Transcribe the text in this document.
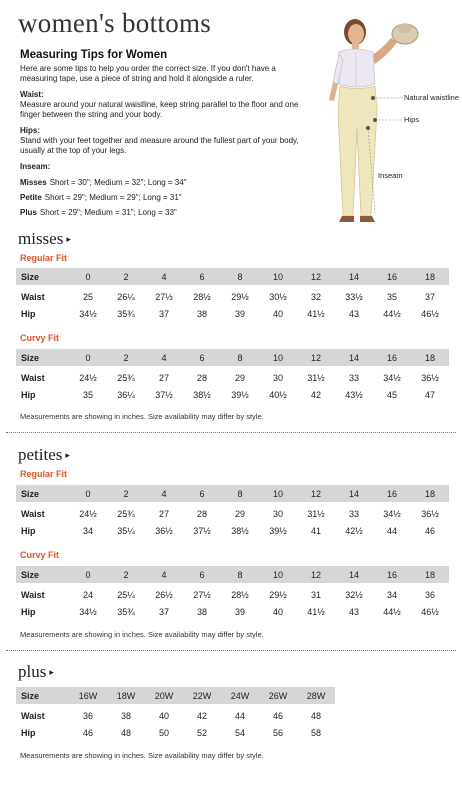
women's bottoms
Measuring Tips for Women
Here are some tips to help you order the correct size. If you don't have a measuring tape, use a piece of string and hold it alongside a ruler.
Waist:
Measure around your natural waistline, keep string parallel to the floor and one finger between the string and your body.
Hips:
Stand with your feet together and measure around the fullest part of your body, usually at the top of your legs.
Inseam:
Misses Short = 30"; Medium = 32"; Long = 34"
Petite Short = 29"; Medium = 29"; Long = 31"
Plus Short = 29"; Medium = 31"; Long = 33"
Natural waistline
Hips
Inseam
misses ▸
Regular Fit
Size	0	2	4	6	8	10	12	14	16	18
Waist	25	26¼	27½	28½	29½	30½	32	33½	35	37
Hip	34½	35¾	37	38	39	40	41½	43	44½	46½
Curvy Fit
Size	0	2	4	6	8	10	12	14	16	18
Waist	24½	25¾	27	28	29	30	31½	33	34½	36½
Hip	35	36¼	37½	38½	39½	40½	42	43½	45	47
Measurements are showing in inches. Size availability may differ by style.
petites ▸
Regular Fit
Size	0	2	4	6	8	10	12	14	16	18
Waist	24½	25¾	27	28	29	30	31½	33	34½	36½
Hip	34	35¼	36½	37½	38½	39½	41	42½	44	46
Curvy Fit
Size	0	2	4	6	8	10	12	14	16	18
Waist	24	25¼	26½	27½	28½	29½	31	32½	34	36
Hip	34½	35¾	37	38	39	40	41½	43	44½	46½
Measurements are showing in inches. Size availability may differ by style.
plus ▸
Size	16W	18W	20W	22W	24W	26W	28W
Waist	36	38	40	42	44	46	48
Hip	46	48	50	52	54	56	58
Measurements are showing in inches. Size availability may differ by style.
